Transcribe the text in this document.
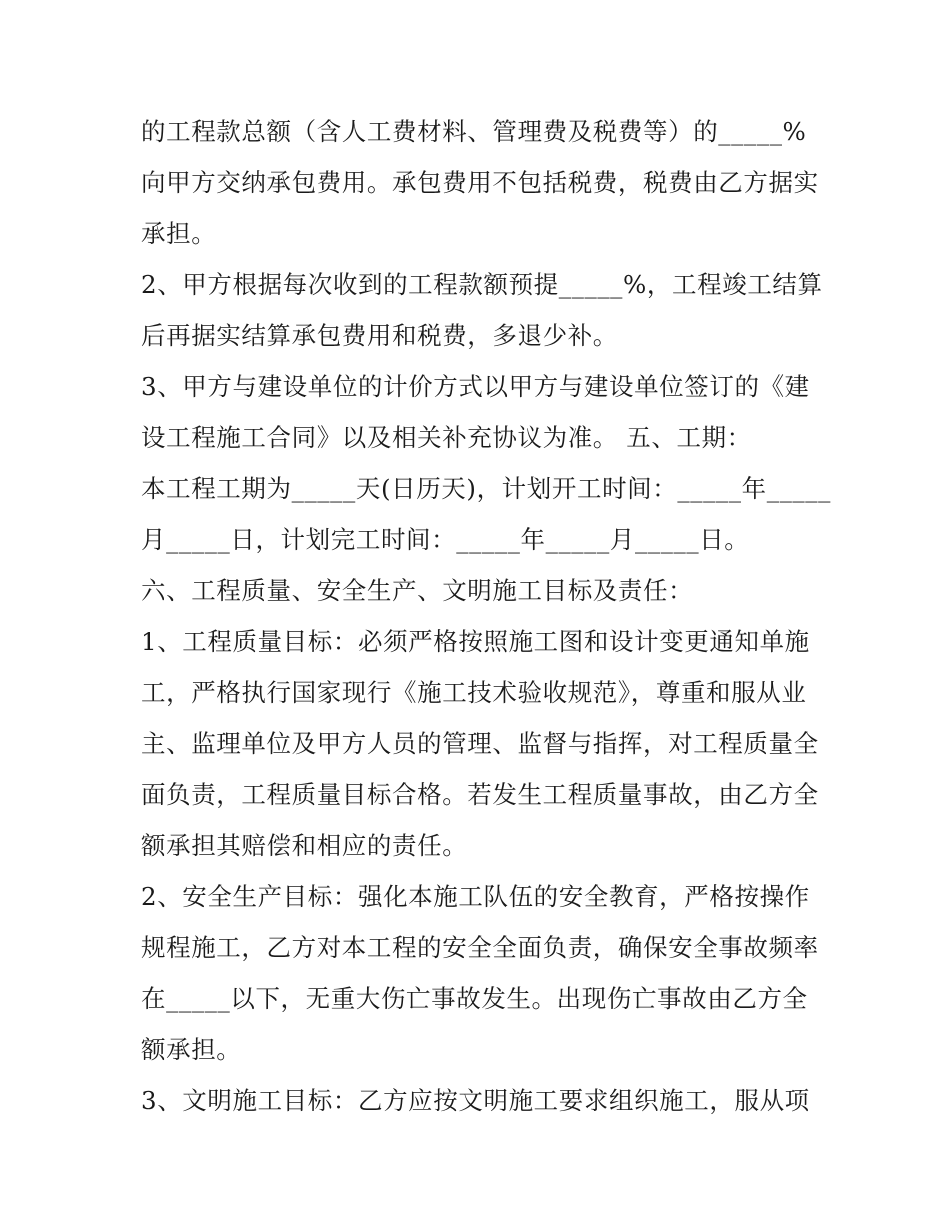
的工程款总额（含人工费材料、管理费及税费等）的_____%
向甲方交纳承包费用。承包费用不包括税费，税费由乙方据实
承担。
2、甲方根据每次收到的工程款额预提_____%，工程竣工结算
后再据实结算承包费用和税费，多退少补。
3、甲方与建设单位的计价方式以甲方与建设单位签订的《建
设工程施工合同》以及相关补充协议为准。 五、工期：
本工程工期为_____天(日历天)，计划开工时间：_____年_____
月_____日，计划完工时间：_____年_____月_____日。
六、工程质量、安全生产、文明施工目标及责任：
1、工程质量目标：必须严格按照施工图和设计变更通知单施
工，严格执行国家现行《施工技术验收规范》，尊重和服从业
主、监理单位及甲方人员的管理、监督与指挥，对工程质量全
面负责，工程质量目标合格。若发生工程质量事故，由乙方全
额承担其赔偿和相应的责任。
2、安全生产目标：强化本施工队伍的安全教育，严格按操作
规程施工，乙方对本工程的安全全面负责，确保安全事故频率
在_____以下，无重大伤亡事故发生。出现伤亡事故由乙方全
额承担。
3、文明施工目标：乙方应按文明施工要求组织施工，服从项
